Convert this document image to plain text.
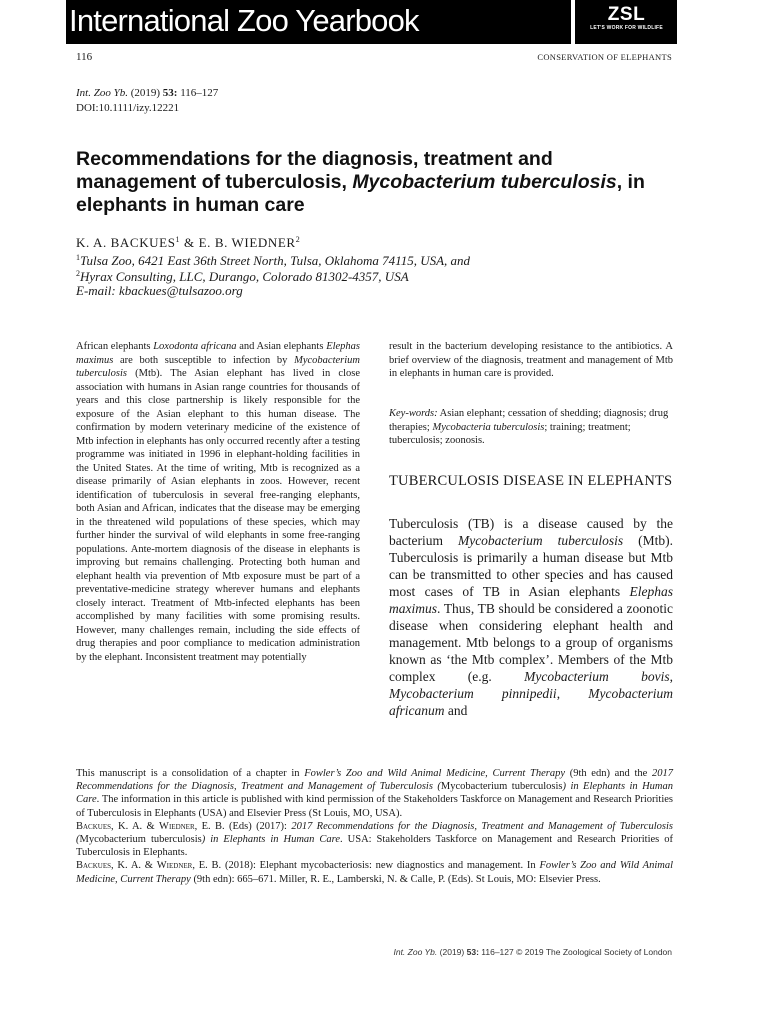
International Zoo Yearbook	ZSL
LET'S WORK FOR WILDLIFE
116	CONSERVATION OF ELEPHANTS
Int. Zoo Yb. (2019) 53: 116–127
DOI:10.1111/izy.12221
Recommendations for the diagnosis, treatment and management of tuberculosis, Mycobacterium tuberculosis, in elephants in human care
K. A. BACKUES$^1$ & E. B. WIEDNER$^2$
$^1$Tulsa Zoo, 6421 East 36th Street North, Tulsa, Oklahoma 74115, USA, and
$^2$Hyrax Consulting, LLC, Durango, Colorado 81302-4357, USA
E-mail: kbackues@tulsazoo.org
African elephants Loxodonta africana and Asian elephants Elephas maximus are both susceptible to infection by Mycobacterium tuberculosis (Mtb). The Asian elephant has lived in close association with humans in Asian range countries for thousands of years and this close partnership is likely responsible for the exposure of the Asian elephant to this human disease. The confirmation by modern veterinary medicine of the existence of Mtb infection in elephants has only occurred recently after a testing programme was initiated in 1996 in elephant-holding facilities in the United States. At the time of writing, Mtb is recognized as a disease primarily of Asian elephants in zoos. However, recent identification of tuberculosis in several free-ranging elephants, both Asian and African, indicates that the disease may be emerging in the threatened wild populations of these species, which may further hinder the survival of wild elephants in some free-ranging populations. Ante-mortem diagnosis of the disease in elephants is improving but remains challenging. Protecting both human and elephant health via prevention of Mtb exposure must be part of a preventative-medicine strategy wherever humans and elephants closely interact. Treatment of Mtb-infected elephants has been accomplished by many facilities with some promising results. However, many challenges remain, including the side effects of drug therapies and poor compliance to medication administration by the elephant. Inconsistent treatment may potentially
result in the bacterium developing resistance to the antibiotics. A brief overview of the diagnosis, treatment and management of Mtb in elephants in human care is provided.
Key-words: Asian elephant; cessation of shedding; diagnosis; drug therapies; Mycobacteria tuberculosis; training; treatment; tuberculosis; zoonosis.
TUBERCULOSIS DISEASE IN ELEPHANTS
Tuberculosis (TB) is a disease caused by the bacterium Mycobacterium tuberculosis (Mtb). Tuberculosis is primarily a human disease but Mtb can be transmitted to other species and has caused most cases of TB in Asian elephants Elephas maximus. Thus, TB should be considered a zoonotic disease when considering elephant health and management. Mtb belongs to a group of organisms known as ‘the Mtb complex’. Members of the Mtb complex (e.g. Mycobacterium bovis, Mycobacterium pinnipedii, Mycobacterium africanum and
This manuscript is a consolidation of a chapter in Fowler’s Zoo and Wild Animal Medicine, Current Therapy (9th edn) and the 2017 Recommendations for the Diagnosis, Treatment and Management of Tuberculosis (Mycobacterium tuberculosis) in Elephants in Human Care. The information in this article is published with kind permission of the Stakeholders Taskforce on Management and Research Priorities of Tuberculosis in Elephants (USA) and Elsevier Press (St Louis, MO, USA).
Backues, K. A. & Wiedner, E. B. (Eds) (2017): 2017 Recommendations for the Diagnosis, Treatment and Management of Tuberculosis (Mycobacterium tuberculosis) in Elephants in Human Care. USA: Stakeholders Taskforce on Management and Research Priorities of Tuberculosis in Elephants.
Backues, K. A. & Wiedner, E. B. (2018): Elephant mycobacteriosis: new diagnostics and management. In Fowler’s Zoo and Wild Animal Medicine, Current Therapy (9th edn): 665–671. Miller, R. E., Lamberski, N. & Calle, P. (Eds). St Louis, MO: Elsevier Press.
Int. Zoo Yb. (2019) 53: 116–127 © 2019 The Zoological Society of London
